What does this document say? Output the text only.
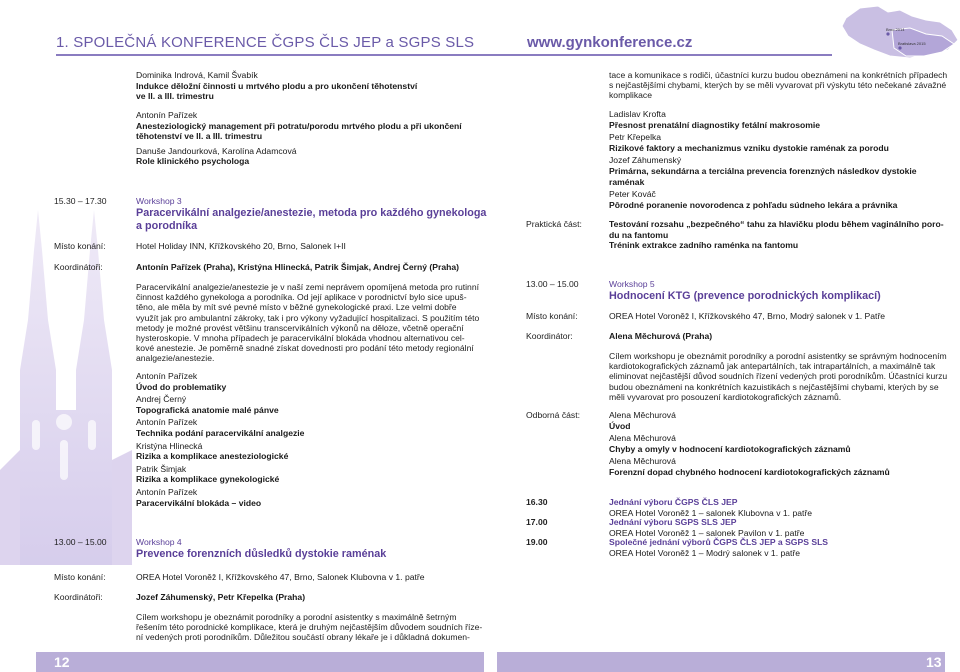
1. SPOLEČNÁ KONFERENCE ČGPS ČLS JEP a SGPS SLS	www.gynkonference.cz
Brno 2014
Bratislava 2015
Dominika Indrová, Kamil Švabík
Indukce děložní činnosti u mrtvého plodu a pro ukončení těhotenství
ve II. a III. trimestru
Antonín Pařízek
Anesteziologický management při potratu/porodu mrtvého plodu a při ukončení
těhotenství ve II. a III. trimestru
Danuše Jandourková, Karolína Adamcová
Role klinického psychologa
15.30 – 17.30	Workshop 3
Paracervikální analgezie/anestezie, metoda pro každého gynekologa
a porodníka
Místo konání:	Hotel Holiday INN, Křížkovského 20, Brno, Salonek I+II
Koordinátoři:	Antonín Pařízek (Praha), Kristýna Hlinecká, Patrik Šimjak, Andrej Černý (Praha)
Paracervikální analgezie/anestezie je v naší zemi neprávem opomíjená metoda pro rutinní
činnost každého gynekologa a porodníka. Od její aplikace v porodnictví bylo sice upuš-
těno, ale měla by mít své pevné místo v běžné gynekologické praxi. Lze velmi dobře
využít jak pro ambulantní zákroky, tak i pro výkony vyžadující hospitalizaci. S použitím této
metody je možné provést většinu transcervikálních výkonů na děloze, včetně operační
hysteroskopie. V mnoha případech je paracervikální blokáda vhodnou alternativou cel-
kové anestezie. Je poměrně snadné získat dovednosti pro podání této metody regionální
analgezie/anestezie.
Antonín Pařízek
Úvod do problematiky
Andrej Černý
Topografická anatomie malé pánve
Antonín Pařízek
Technika podání paracervikální analgezie
Kristýna Hlinecká
Rizika a komplikace anesteziologické
Patrik Šimjak
Rizika a komplikace gynekologické
Antonín Pařízek
Paracervikální blokáda – video
13.00 – 15.00	Workshop 4
Prevence forenzních důsledků dystokie raménak
Místo konání:	OREA Hotel Voroněž I, Křížkovského 47, Brno, Salonek Klubovna v 1. patře
Koordinátoři:	Jozef Záhumenský, Petr Křepelka (Praha)
Cílem workshopu je obeznámit porodníky a porodní asistentky s maximálně šetrným
řešením této porodnické komplikace, která je druhým nejčastějším důvodem soudních říze-
ní vedených proti porodníkům. Důležitou součástí obrany lékaře je i důkladná dokumen-
tace a komunikace s rodiči, účastníci kurzu budou obeznámeni na konkrétních případech
s nejčastějšími chybami, kterých by se měli vyvarovat při výskytu této nečekané závažné
komplikace
Ladislav Krofta
Přesnost prenatální diagnostiky fetální makrosomie
Petr Křepelka
Rizikové faktory a mechanizmus vzniku dystokie raménak za porodu
Jozef Záhumenský
Primárna, sekundárna a terciálna prevencia forenzných následkov dystokie raménak
Peter Kováč
Pôrodné poranenie novorodenca z pohľadu súdneho lekára a právnika
Praktická část:	Testování rozsahu „bezpečného“ tahu za hlavičku plodu během vaginálního poro-
du na fantomu
Trénink extrakce zadního raménka na fantomu
13.00 – 15.00	Workshop 5
Hodnocení KTG (prevence porodnických komplikací)
Místo konání:	OREA Hotel Voroněž I, Křížkovského 47, Brno, Modrý salonek v 1. Patře
Koordinátor:	Alena Měchurová (Praha)
Cílem workshopu je obeznámit porodníky a porodní asistentky se správným hodnocením
kardiotokografických záznamů jak antepartálních, tak intrapartálních, a maximálně tak
eliminovat nejčastější důvod soudních řízení vedených proti porodníkům. Účastníci kurzu
budou obeznámeni na konkrétních kazuistikách s nejčastějšími chybami, kterých by se
měli vyvarovat pro posouzení kardiotokografických záznamů.
Odborná část:	Alena Měchurová
Úvod
Alena Měchurová
Chyby a omyly v hodnocení kardiotokografických záznamů
Alena Měchurová
Forenzní dopad chybného hodnocení kardiotokografických záznamů
16.30	Jednání výboru ČGPS ČLS JEP
OREA Hotel Voroněž 1 – salonek Klubovna v 1. patře
17.00	Jednání výboru SGPS SLS JEP
OREA Hotel Voroněž 1 – salonek Pavilon v 1. patře
19.00	Společné jednání výborů ČGPS ČLS JEP a SGPS SLS
OREA Hotel Voroněž 1 – Modrý salonek v 1. patře
12	13
